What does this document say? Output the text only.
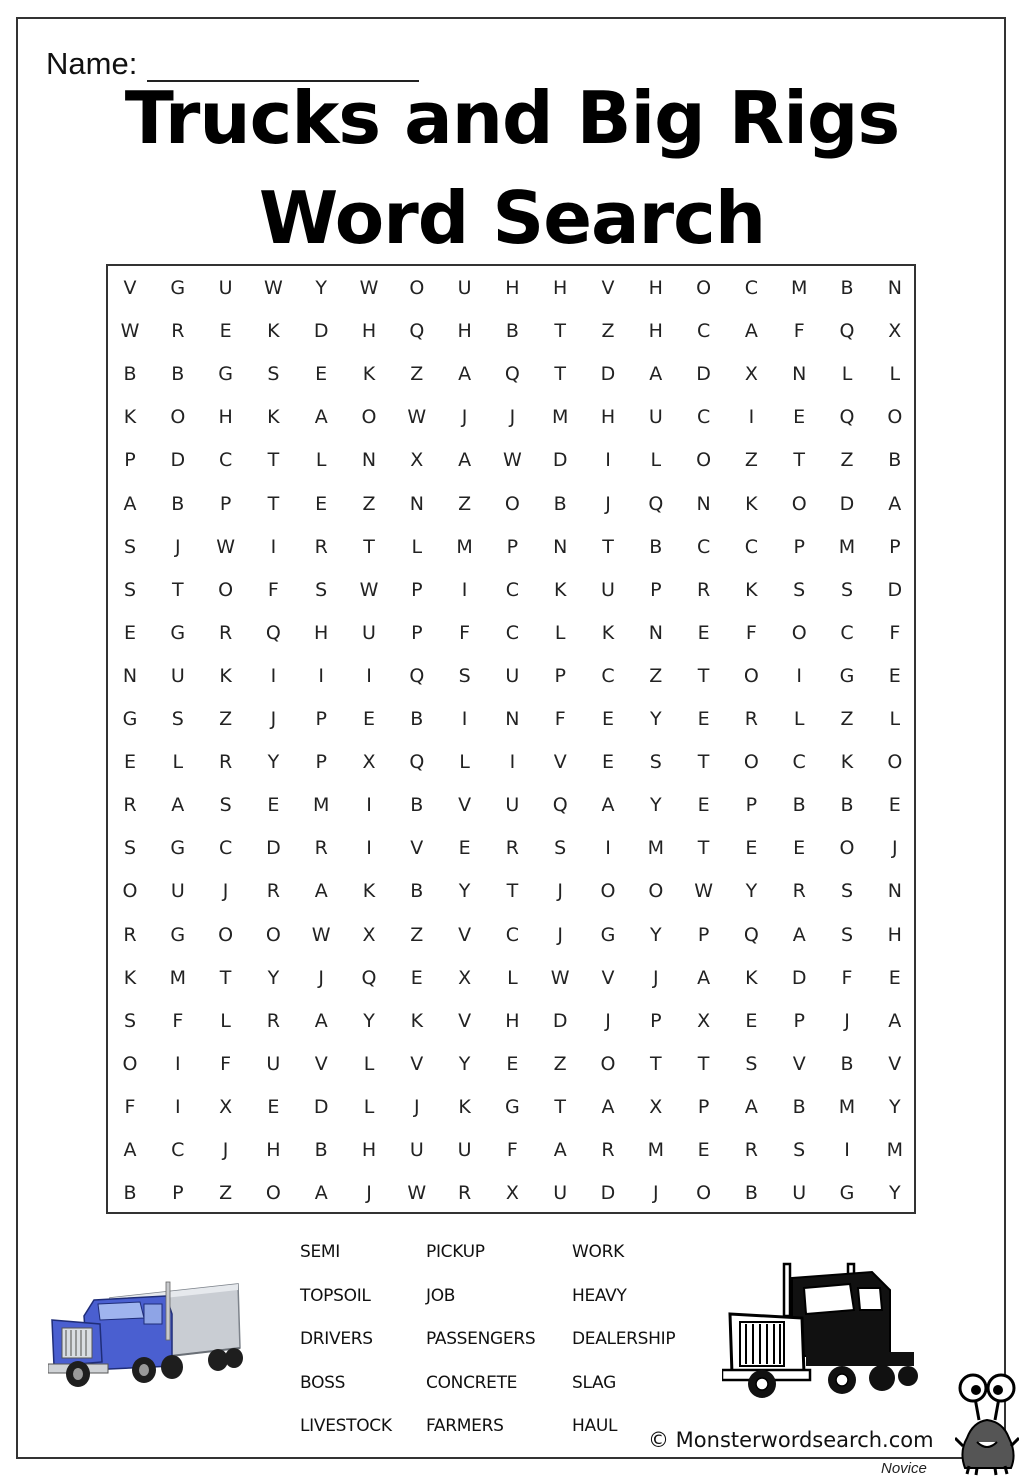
Name:
Trucks and Big Rigs
Word Search
V	G	U	W	Y	W	O	U	H	H	V	H	O	C	M	B	N
W	R	E	K	D	H	Q	H	B	T	Z	H	C	A	F	Q	X
B	B	G	S	E	K	Z	A	Q	T	D	A	D	X	N	L	L
K	O	H	K	A	O	W	J	J	M	H	U	C	I	E	Q	O
P	D	C	T	L	N	X	A	W	D	I	L	O	Z	T	Z	B
A	B	P	T	E	Z	N	Z	O	B	J	Q	N	K	O	D	A
S	J	W	I	R	T	L	M	P	N	T	B	C	C	P	M	P
S	T	O	F	S	W	P	I	C	K	U	P	R	K	S	S	D
E	G	R	Q	H	U	P	F	C	L	K	N	E	F	O	C	F
N	U	K	I	I	I	Q	S	U	P	C	Z	T	O	I	G	E
G	S	Z	J	P	E	B	I	N	F	E	Y	E	R	L	Z	L
E	L	R	Y	P	X	Q	L	I	V	E	S	T	O	C	K	O
R	A	S	E	M	I	B	V	U	Q	A	Y	E	P	B	B	E
S	G	C	D	R	I	V	E	R	S	I	M	T	E	E	O	J
O	U	J	R	A	K	B	Y	T	J	O	O	W	Y	R	S	N
R	G	O	O	W	X	Z	V	C	J	G	Y	P	Q	A	S	H
K	M	T	Y	J	Q	E	X	L	W	V	J	A	K	D	F	E
S	F	L	R	A	Y	K	V	H	D	J	P	X	E	P	J	A
O	I	F	U	V	L	V	Y	E	Z	O	T	T	S	V	B	V
F	I	X	E	D	L	J	K	G	T	A	X	P	A	B	M	Y
A	C	J	H	B	H	U	U	F	A	R	M	E	R	S	I	M
B	P	Z	O	A	J	W	R	X	U	D	J	O	B	U	G	Y
SEMI
TOPSOIL
DRIVERS
BOSS
LIVESTOCK
PICKUP
JOB
PASSENGERS
CONCRETE
FARMERS
WORK
HEAVY
DEALERSHIP
SLAG
HAUL
© Monsterwordsearch.com
Novice
